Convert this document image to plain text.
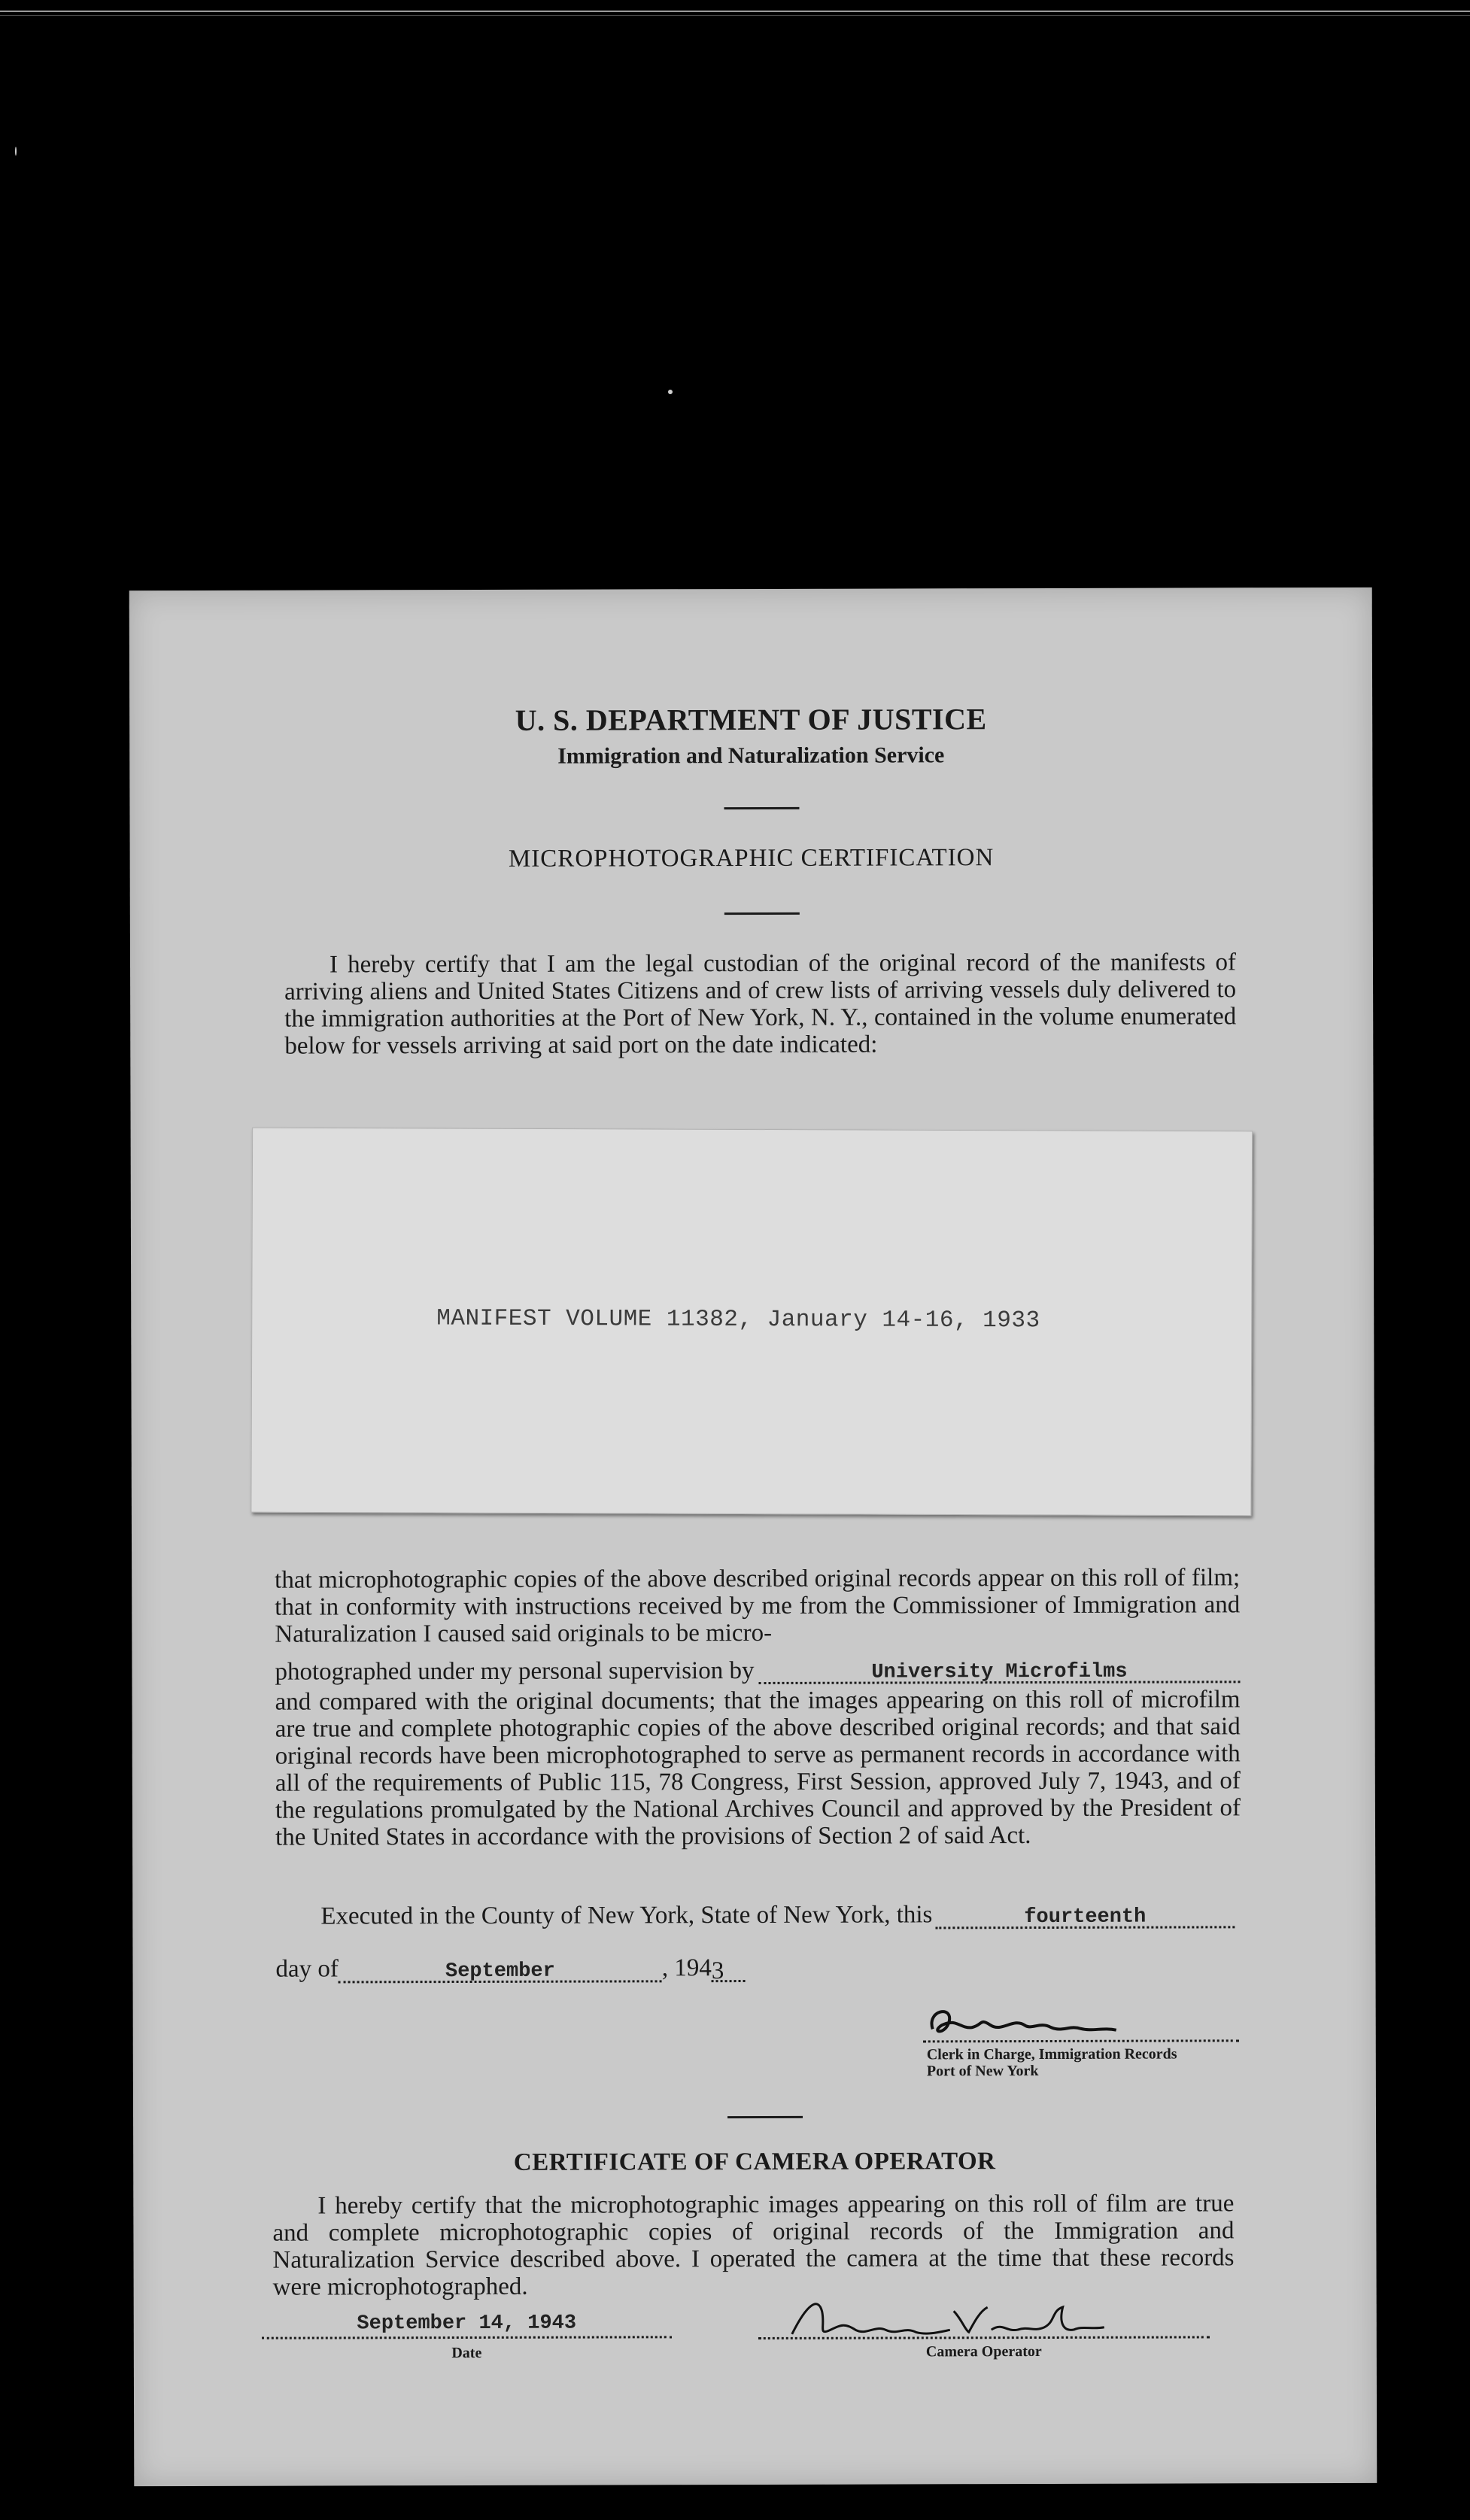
U. S. DEPARTMENT OF JUSTICE
Immigration and Naturalization Service
MICROPHOTOGRAPHIC CERTIFICATION
I hereby certify that I am the legal custodian of the original record of the manifests of arriving aliens and United States Citizens and of crew lists of arriving vessels duly delivered to the immigration authorities at the Port of New York, N. Y., contained in the volume enumerated below for vessels arriving at said port on the date indicated:
MANIFEST VOLUME 11382, January 14-16, 1933
that microphotographic copies of the above described original records appear on this roll of film; that in conformity with instructions received by me from the Commissioner of Immigration and Naturalization I caused said originals to be micro-
photographed under my personal supervision by	University Microfilms
and compared with the original documents; that the images appearing on this roll of microfilm are true and complete photographic copies of the above described original records; and that said original records have been microphotographed to serve as permanent records in accordance with all of the requirements of Public 115, 78 Congress, First Session, approved July 7, 1943, and of the regulations promulgated by the National Archives Council and approved by the President of the United States in accordance with the provisions of Section 2 of said Act.
Executed in the County of New York, State of New York, this	fourteenth
day of	September	, 194 3
Clerk in Charge, Immigration Records
Port of New York
CERTIFICATE OF CAMERA OPERATOR
I hereby certify that the microphotographic images appearing on this roll of film are true and complete microphotographic copies of original records of the Immigration and Naturalization Service described above. I operated the camera at the time that these records were microphotographed.
September 14, 1943
Date	Camera Operator
